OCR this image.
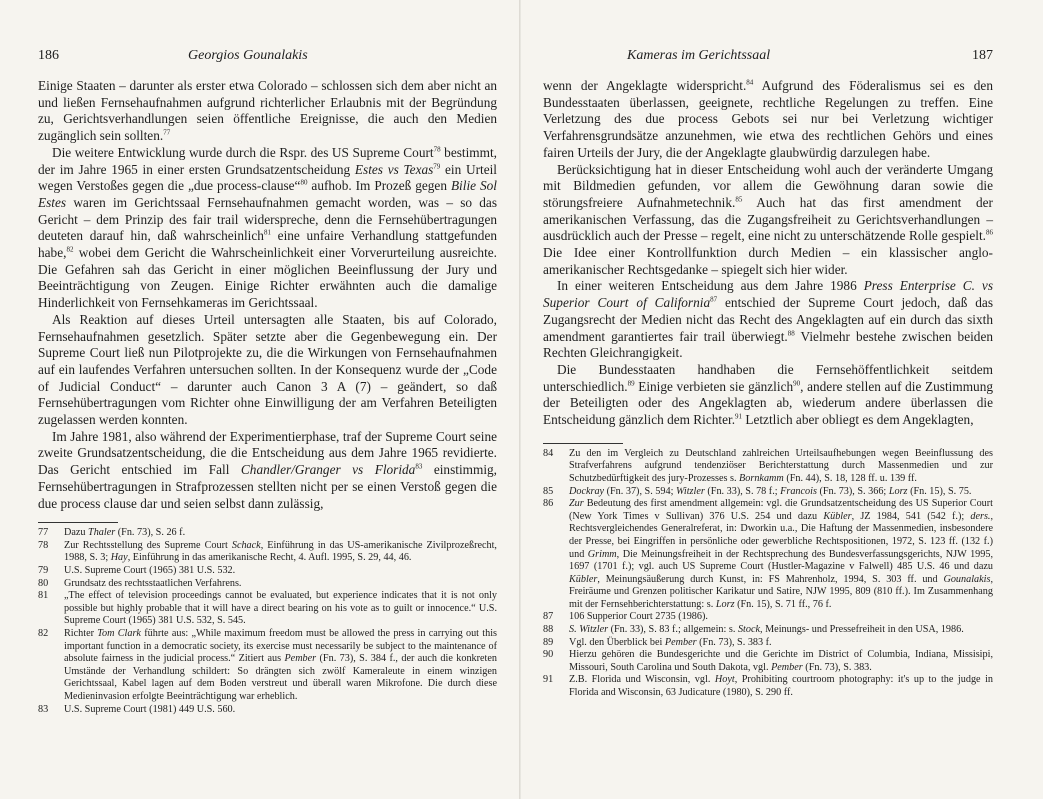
186	Georgios Gounalakis

Einige Staaten – darunter als erster etwa Colorado – schlossen sich dem aber nicht an und ließen Fernsehaufnahmen aufgrund richterlicher Erlaubnis mit der Begründung zu, Gerichtsverhandlungen seien öffentliche Ereignisse, die auch den Medien zugänglich sein sollten.$^{77}$

Die weitere Entwicklung wurde durch die Rspr. des US Supreme Court$^{78}$ bestimmt, der im Jahre 1965 in einer ersten Grundsatzentscheidung Estes vs Texas$^{79}$ ein Urteil wegen Verstoßes gegen die „due process-clause“$^{80}$ aufhob. Im Prozeß gegen Bilie Sol Estes waren im Gerichtssaal Fernsehaufnahmen gemacht worden, was – so das Gericht – dem Prinzip des fair trail widerspreche, denn die Fernsehübertragungen deuteten darauf hin, daß wahrscheinlich$^{81}$ eine unfaire Verhandlung stattgefunden habe,$^{82}$ wobei dem Gericht die Wahrscheinlichkeit einer Vorverurteilung ausreichte. Die Gefahren sah das Gericht in einer möglichen Beeinflussung der Jury und Beeinträchtigung von Zeugen. Einige Richter erwähnten auch die damalige Hinderlichkeit von Fernsehkameras im Gerichtssaal.

Als Reaktion auf dieses Urteil untersagten alle Staaten, bis auf Colorado, Fernsehaufnahmen gesetzlich. Später setzte aber die Gegenbewegung ein. Der Supreme Court ließ nun Pilotprojekte zu, die die Wirkungen von Fernsehaufnahmen auf ein laufendes Verfahren untersuchen sollten. In der Konsequenz wurde der „Code of Judicial Conduct“ – darunter auch Canon 3 A (7) – geändert, so daß Fernsehübertragungen vom Richter ohne Einwilligung der am Verfahren Beteiligten zugelassen werden konnten.

Im Jahre 1981, also während der Experimentierphase, traf der Supreme Court seine zweite Grundsatzentscheidung, die die Entscheidung aus dem Jahre 1965 revidierte. Das Gericht entschied im Fall Chandler/Granger vs Florida$^{83}$ einstimmig, Fernsehübertragungen in Strafprozessen stellten nicht per se einen Verstoß gegen die due process clause dar und seien selbst dann zulässig,

77	Dazu Thaler (Fn. 73), S. 26 f.
78	Zur Rechtsstellung des Supreme Court Schack, Einführung in das US-amerikanische Zivilprozeßrecht, 1988, S. 3; Hay, Einführung in das amerikanische Recht, 4. Aufl. 1995, S. 29, 44, 46.
79	U.S. Supreme Court (1965) 381 U.S. 532.
80	Grundsatz des rechtsstaatlichen Verfahrens.
81	„The effect of television proceedings cannot be evaluated, but experience indicates that it is not only possible but highly probable that it will have a direct bearing on his vote as to guilt or innocence.“ U.S. Supreme Court (1965) 381 U.S. 532, S. 545.
82	Richter Tom Clark führte aus: „While maximum freedom must be allowed the press in carrying out this important function in a democratic society, its exercise must necessarily be subject to the maintenance of absolute fairness in the judicial process.“ Zitiert aus Pember (Fn. 73), S. 384 f., der auch die konkreten Umstände der Verhandlung schildert: So drängten sich zwölf Kameraleute in einem winzigen Gerichtssaal, Kabel lagen auf dem Boden verstreut und überall waren Mikrofone. Die durch diese Medieninvasion erfolgte Beeinträchtigung war erheblich.
83	U.S. Supreme Court (1981) 449 U.S. 560.
Kameras im Gerichtssaal	187

wenn der Angeklagte widerspricht.$^{84}$ Aufgrund des Föderalismus sei es den Bundesstaaten überlassen, geeignete, rechtliche Regelungen zu treffen. Eine Verletzung des due process Gebots sei nur bei Verletzung wichtiger Verfahrensgrundsätze anzunehmen, wie etwa des rechtlichen Gehörs und eines fairen Urteils der Jury, die der Angeklagte glaubwürdig darzulegen habe.

Berücksichtigung hat in dieser Entscheidung wohl auch der veränderte Umgang mit Bildmedien gefunden, vor allem die Gewöhnung daran sowie die störungsfreiere Aufnahmetechnik.$^{85}$ Auch hat das first amendment der amerikanischen Verfassung, das die Zugangsfreiheit zu Gerichtsverhandlungen – ausdrücklich auch der Presse – regelt, eine nicht zu unterschätzende Rolle gespielt.$^{86}$ Die Idee einer Kontrollfunktion durch Medien – ein klassischer anglo-amerikanischer Rechtsgedanke – spiegelt sich hier wider.

In einer weiteren Entscheidung aus dem Jahre 1986 Press Enterprise C. vs Superior Court of California$^{87}$ entschied der Supreme Court jedoch, daß das Zugangsrecht der Medien nicht das Recht des Angeklagten auf ein durch das sixth amendment garantiertes fair trail überwiegt.$^{88}$ Vielmehr bestehe zwischen beiden Rechten Gleichrangigkeit.

Die Bundesstaaten handhaben die Fernsehöffentlichkeit seitdem unterschiedlich.$^{89}$ Einige verbieten sie gänzlich$^{90}$, andere stellen auf die Zustimmung der Beteiligten oder des Angeklagten ab, wiederum andere überlassen die Entscheidung gänzlich dem Richter.$^{91}$ Letztlich aber obliegt es dem Angeklagten,

84	Zu den im Vergleich zu Deutschland zahlreichen Urteilsaufhebungen wegen Beeinflussung des Strafverfahrens aufgrund tendenziöser Berichterstattung durch Massenmedien und zur Schutzbedürftigkeit des jury-Prozesses s. Bornkamm (Fn. 44), S. 18, 128 ff. u. 139 ff.
85	Dockray (Fn. 37), S. 594; Witzler (Fn. 33), S. 78 f.; Francois (Fn. 73), S. 366; Lorz (Fn. 15), S. 75.
86	Zur Bedeutung des first amendment allgemein: vgl. die Grundsatzentscheidung des US Superior Court (New York Times v Sullivan) 376 U.S. 254 und dazu Kübler, JZ 1984, 541 (542 f.); ders., Rechtsvergleichendes Generalreferat, in: Dworkin u.a., Die Haftung der Massenmedien, insbesondere der Presse, bei Eingriffen in persönliche oder gewerbliche Rechtspositionen, 1972, S. 123 ff. (132 f.) und Grimm, Die Meinungsfreiheit in der Rechtsprechung des Bundesverfassungsgerichts, NJW 1995, 1697 (1701 f.); vgl. auch US Supreme Court (Hustler-Magazine v Falwell) 485 U.S. 46 und dazu Kübler, Meinungsäußerung durch Kunst, in: FS Mahrenholz, 1994, S. 303 ff. und Gounalakis, Freiräume und Grenzen politischer Karikatur und Satire, NJW 1995, 809 (810 ff.). Im Zusammenhang mit der Fernsehberichterstattung: s. Lorz (Fn. 15), S. 71 ff., 76 f.
87	106 Supperior Court 2735 (1986).
88	S. Witzler (Fn. 33), S. 83 f.; allgemein: s. Stock, Meinungs- und Pressefreiheit in den USA, 1986.
89	Vgl. den Überblick bei Pember (Fn. 73), S. 383 f.
90	Hierzu gehören die Bundesgerichte und die Gerichte im District of Columbia, Indiana, Missisipi, Missouri, South Carolina und South Dakota, vgl. Pember (Fn. 73), S. 383.
91	Z.B. Florida und Wisconsin, vgl. Hoyt, Prohibiting courtroom photography: it's up to the judge in Florida and Wisconsin, 63 Judicature (1980), S. 290 ff.
